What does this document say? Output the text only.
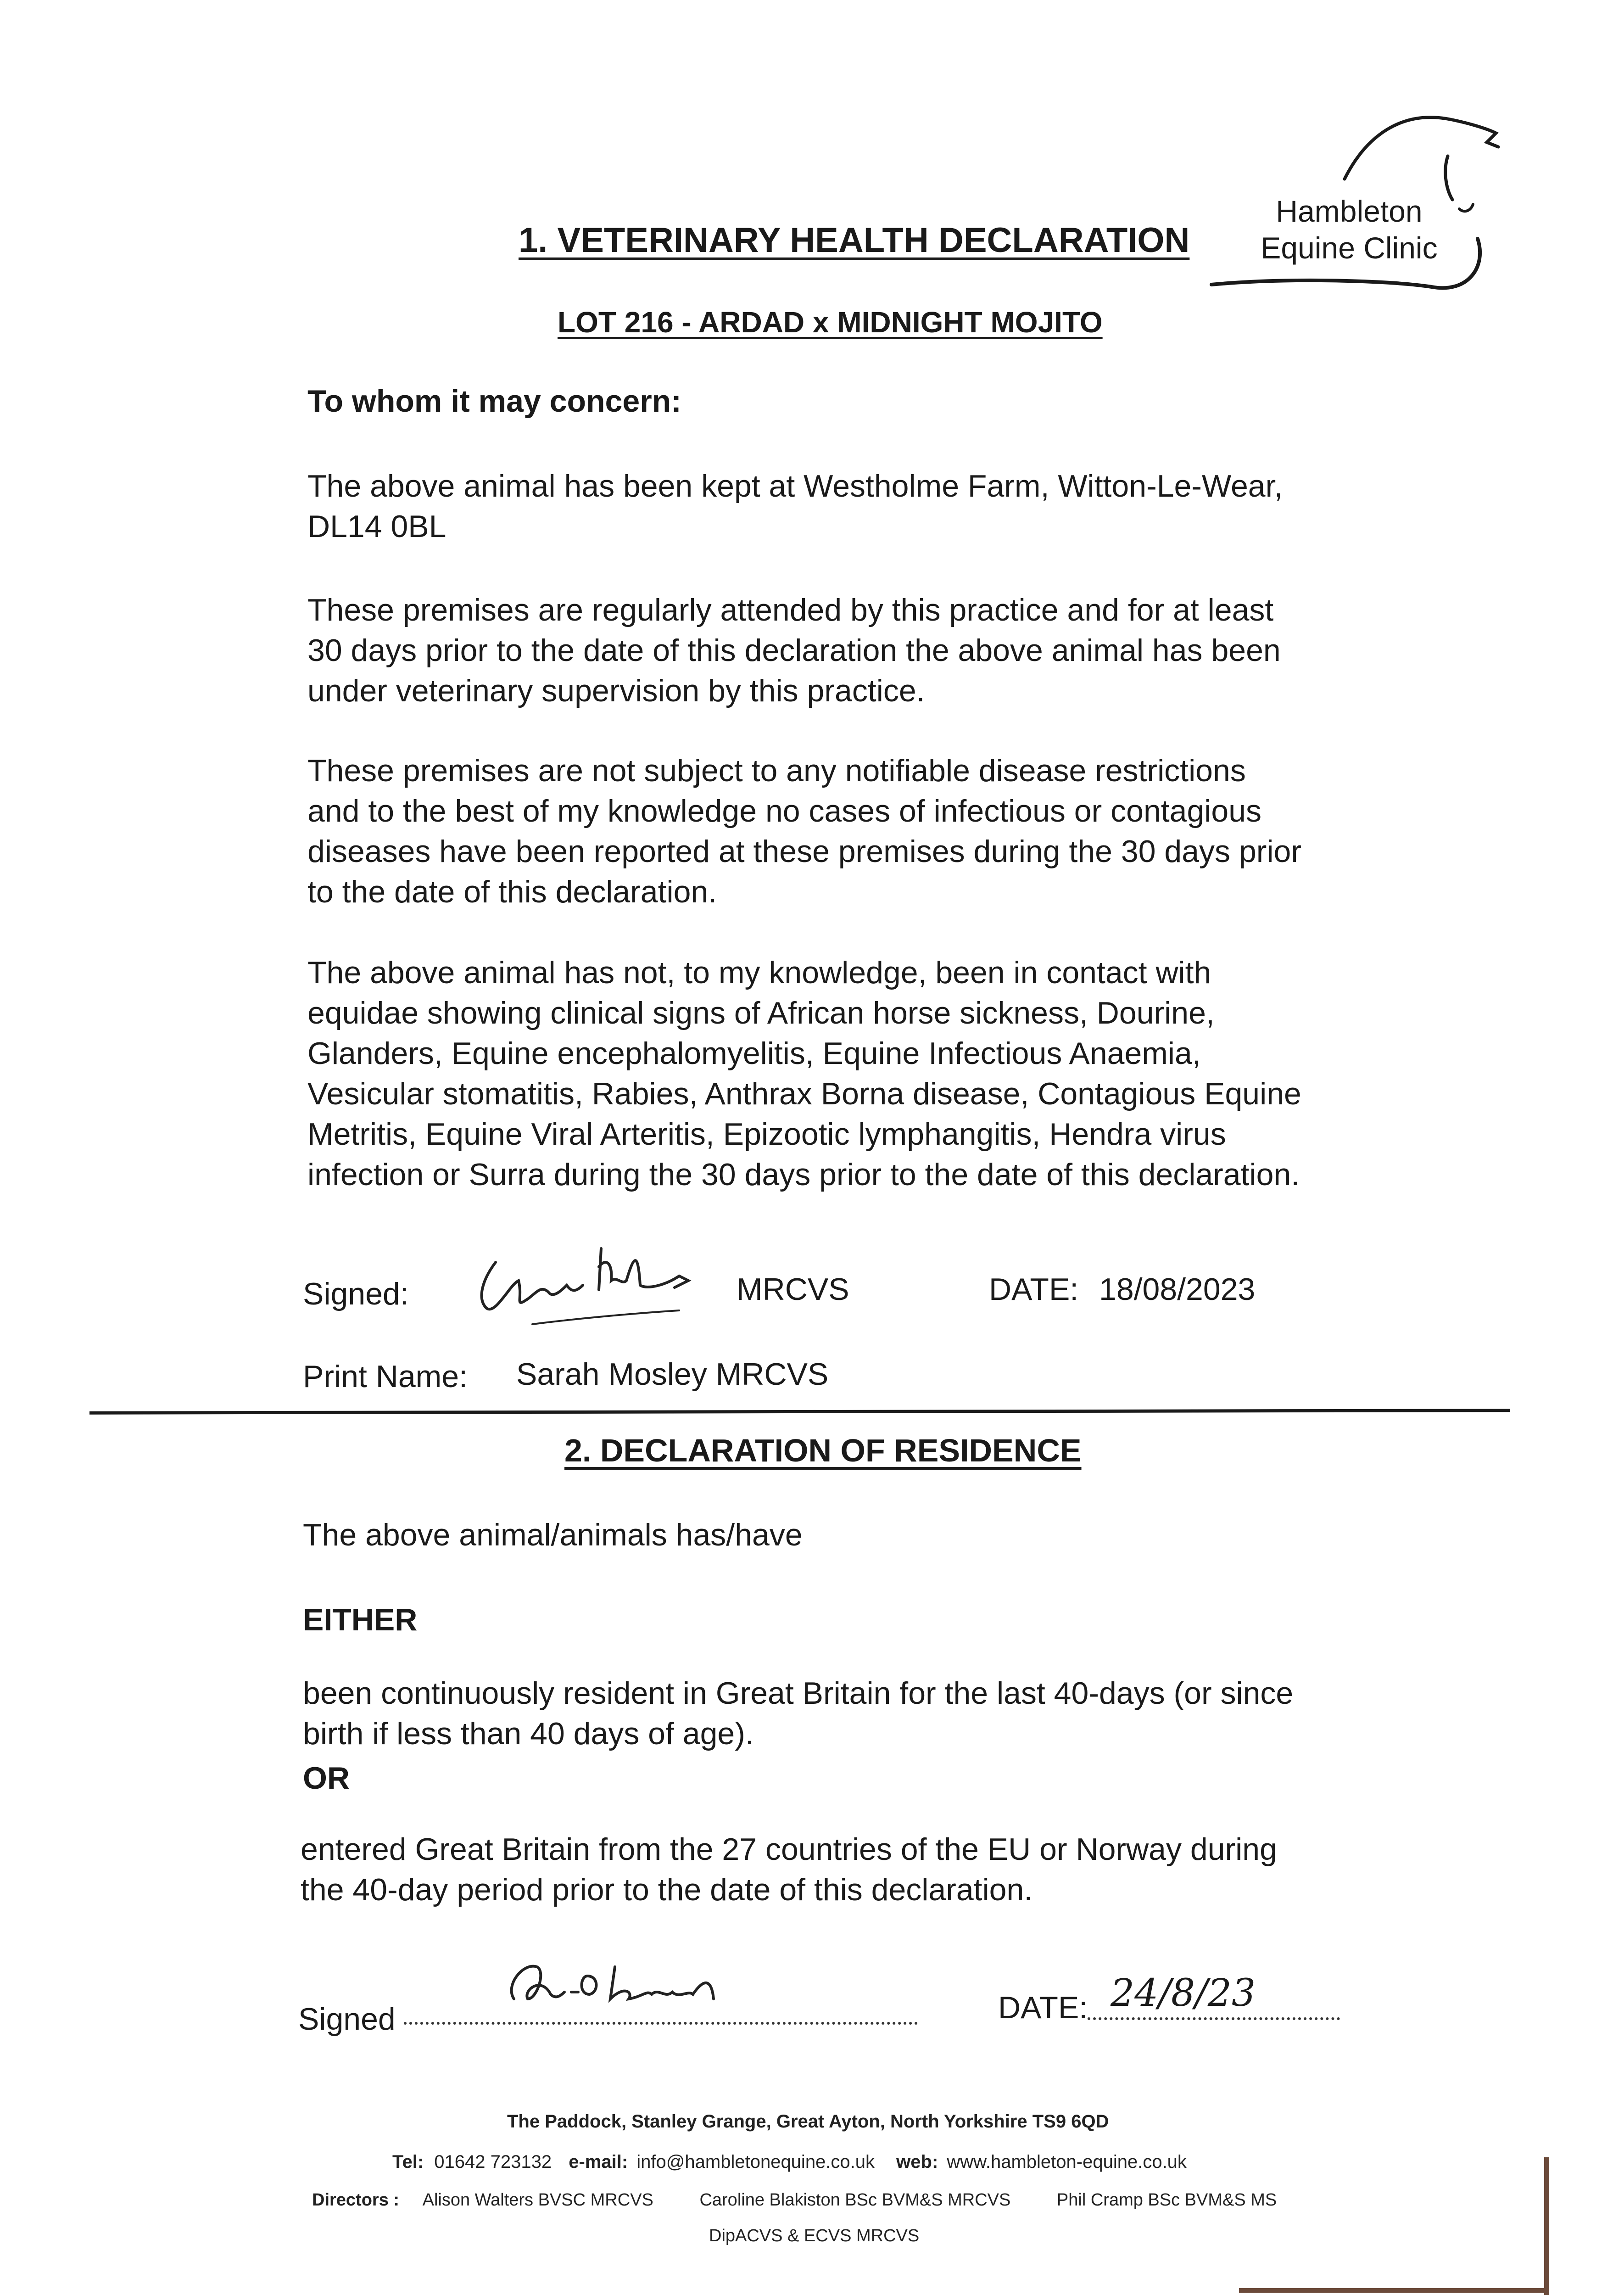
Hambleton
Equine Clinic
1. VETERINARY HEALTH DECLARATION
LOT 216 - ARDAD x MIDNIGHT MOJITO
To whom it may concern:
The above animal has been kept at Westholme Farm, Witton-Le-Wear,
DL14 0BL
These premises are regularly attended by this practice and for at least
30 days prior to the date of this declaration the above animal has been
under veterinary supervision by this practice.
These premises are not subject to any notifiable disease restrictions
and to the best of my knowledge no cases of infectious or contagious
diseases have been reported at these premises during the 30 days prior
to the date of this declaration.
The above animal has not, to my knowledge, been in contact with
equidae showing clinical signs of African horse sickness, Dourine,
Glanders, Equine encephalomyelitis, Equine Infectious Anaemia,
Vesicular stomatitis, Rabies, Anthrax Borna disease, Contagious Equine
Metritis, Equine Viral Arteritis, Epizootic lymphangitis, Hendra virus
infection or Surra during the 30 days prior to the date of this declaration.
Signed:	MRCVS	DATE: 18/08/2023
Print Name: Sarah Mosley MRCVS
2. DECLARATION OF RESIDENCE
The above animal/animals has/have
EITHER
been continuously resident in Great Britain for the last 40-days (or since
birth if less than 40 days of age).
OR
entered Great Britain from the 27 countries of the EU or Norway during
the 40-day period prior to the date of this declaration.
Signed	DATE: 24/8/23
The Paddock, Stanley Grange, Great Ayton, North Yorkshire TS9 6QD
Tel: 01642 723132 e-mail: info@hambletonequine.co.uk web: www.hambleton-equine.co.uk
Directors : Alison Walters BVSC MRCVS	Caroline Blakiston BSc BVM&S MRCVS	Phil Cramp BSc BVM&S MS
DipACVS & ECVS MRCVS
